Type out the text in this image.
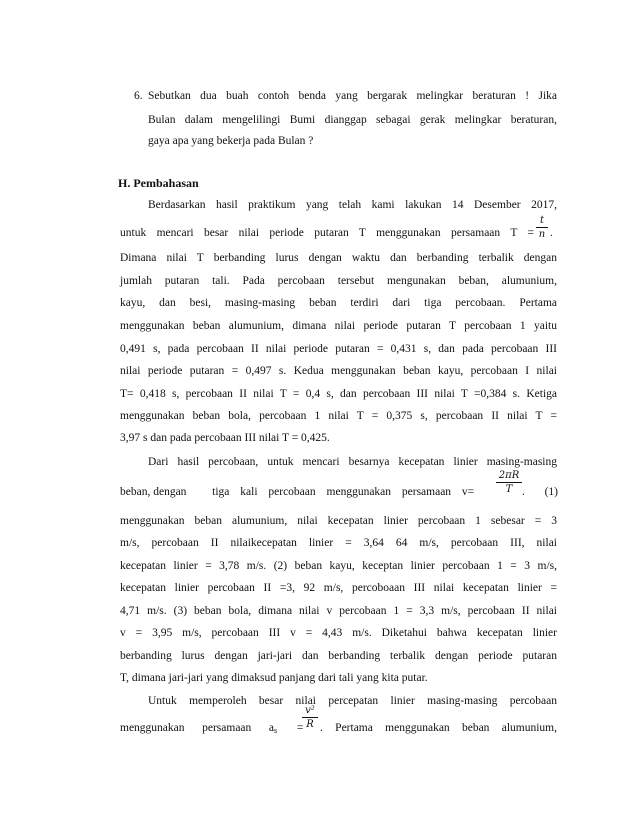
6. Sebutkan dua buah contoh benda yang bergarak melingkar beraturan ! Jika
Bulan dalam mengelilingi Bumi dianggap sebagai gerak melingkar beraturan,
gaya apa yang bekerja pada Bulan ?
H. Pembahasan
Berdasarkan hasil praktikum yang telah kami lakukan 14 Desember 2017,
untuk mencari besar nilai periode putaran T menggunakan persamaan T =
t
n .
Dimana nilai T berbanding lurus dengan waktu dan berbanding terbalik dengan
jumlah putaran tali. Pada percobaan tersebut mengunakan beban, alumunium,
kayu, dan besi, masing-masing beban terdiri dari tiga percobaan. Pertama
menggunakan beban alumunium, dimana nilai periode putaran T percobaan 1 yaitu
0,491 s, pada percobaan II nilai periode putaran = 0,431 s, dan pada percobaan III
nilai periode putaran = 0,497 s. Kedua menggunakan beban kayu, percobaan I nilai
T= 0,418 s, percobaan II nilai T = 0,4 s, dan percobaan III nilai T =0,384 s. Ketiga
menggunakan beban bola, percobaan 1 nilai T = 0,375 s, percobaan II nilai T =
3,97 s dan pada percobaan III nilai T = 0,425.
Dari hasil percobaan, untuk mencari besarnya kecepatan linier masing-masing
beban, dengan tiga kali percobaan menggunakan persamaan v=
2πR
T . (1)
menggunakan beban alumunium, nilai kecepatan linier percobaan 1 sebesar = 3
m/s, percobaan II nilaikecepatan linier = 3,64 64 m/s, percobaan III, nilai
kecepatan linier = 3,78 m/s. (2) beban kayu, keceptan linier percobaan 1 = 3 m/s,
kecepatan linier percobaan II =3, 92 m/s, percoboaan III nilai kecepatan linier =
4,71 m/s. (3) beban bola, dimana nilai v percobaan 1 = 3,3 m/s, percobaan II nilai
v = 3,95 m/s, percobaan III v = 4,43 m/s. Diketahui bahwa kecepatan linier
berbanding lurus dengan jari-jari dan berbanding terbalik dengan periode putaran
T, dimana jari-jari yang dimaksud panjang dari tali yang kita putar.
Untuk memperoleh besar nilai percepatan linier masing-masing percobaan
menggunakan persamaan as =
v²
R . Pertama menggunakan beban alumunium,
